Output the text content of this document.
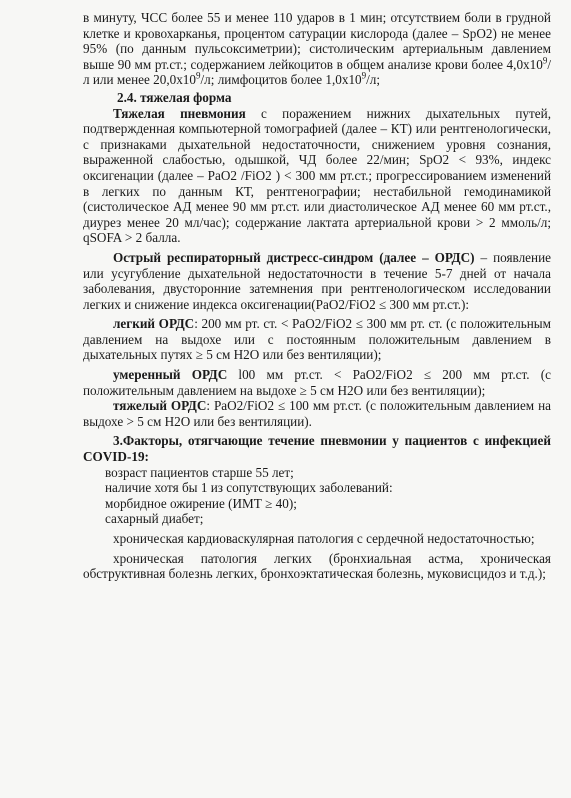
в минуту, ЧСС более 55 и менее 110 ударов в 1 мин; отсутствием боли в грудной клетке и кровохарканья, процентом сатурации кислорода (далее – SpO2) не менее 95% (по данным пульсоксиметрии); систолическим артериальным давлением выше 90 мм рт.ст.; содержанием лейкоцитов в общем анализе крови более $4,0х10^9/л$ или менее $20,0х10^9/л$; лимфоцитов более $1,0х10^9/л$;

2.4. тяжелая форма

Тяжелая пневмония с поражением нижних дыхательных путей, подтвержденная компьютерной томографией (далее – КТ) или рентгенологически, с признаками дыхательной недостаточности, снижением уровня сознания, выраженной слабостью, одышкой, ЧД более 22/мин; SpO2 < 93%, индекс оксигенации (далее – PaO2 /FiO2 ) < 300 мм рт.ст.; прогрессированием изменений в легких по данным КТ, рентгенографии; нестабильной гемодинамикой (систолическое АД менее 90 мм рт.ст. или диастолическое АД менее 60 мм рт.ст., диурез менее 20 мл/час); содержание лактата артериальной крови > 2 ммоль/л; qSOFA > 2 балла.

Острый респираторный дистресс-синдром (далее – ОРДС) – появление или усугубление дыхательной недостаточности в течение 5-7 дней от начала заболевания, двусторонние затемнения при рентгенологическом исследовании легких и снижение индекса оксигенации(PaO2/FiO2 ≤ 300 мм рт.ст.):

легкий ОРДС: 200 мм рт. ст. < PaO2/FiO2 ≤ 300 мм рт. ст. (с положительным давлением на выдохе или с постоянным положительным давлением в дыхательных путях ≥ 5 см Н2О или без вентиляции);

умеренный ОРДС l00 мм рт.ст. < PaO2/FiO2 ≤ 200 мм рт.ст. (с положительным давлением на выдохе ≥ 5 см Н2О или без вентиляции);

тяжелый ОРДС: PaO2/FiO2 ≤ 100 мм рт.ст. (с положительным давлением на выдохе > 5 см Н2О или без вентиляции).

3.Факторы, отягчающие течение пневмонии у пациентов с инфекцией COVID-19:

возраст пациентов старше 55 лет;

наличие хотя бы 1 из сопутствующих заболеваний:

морбидное ожирение (ИМТ ≥ 40);

сахарный диабет;

хроническая кардиоваскулярная патология с сердечной недостаточностью;

хроническая патология легких (бронхиальная астма, хроническая обструктивная болезнь легких, бронхоэктатическая болезнь, муковисцидоз и т.д.);
